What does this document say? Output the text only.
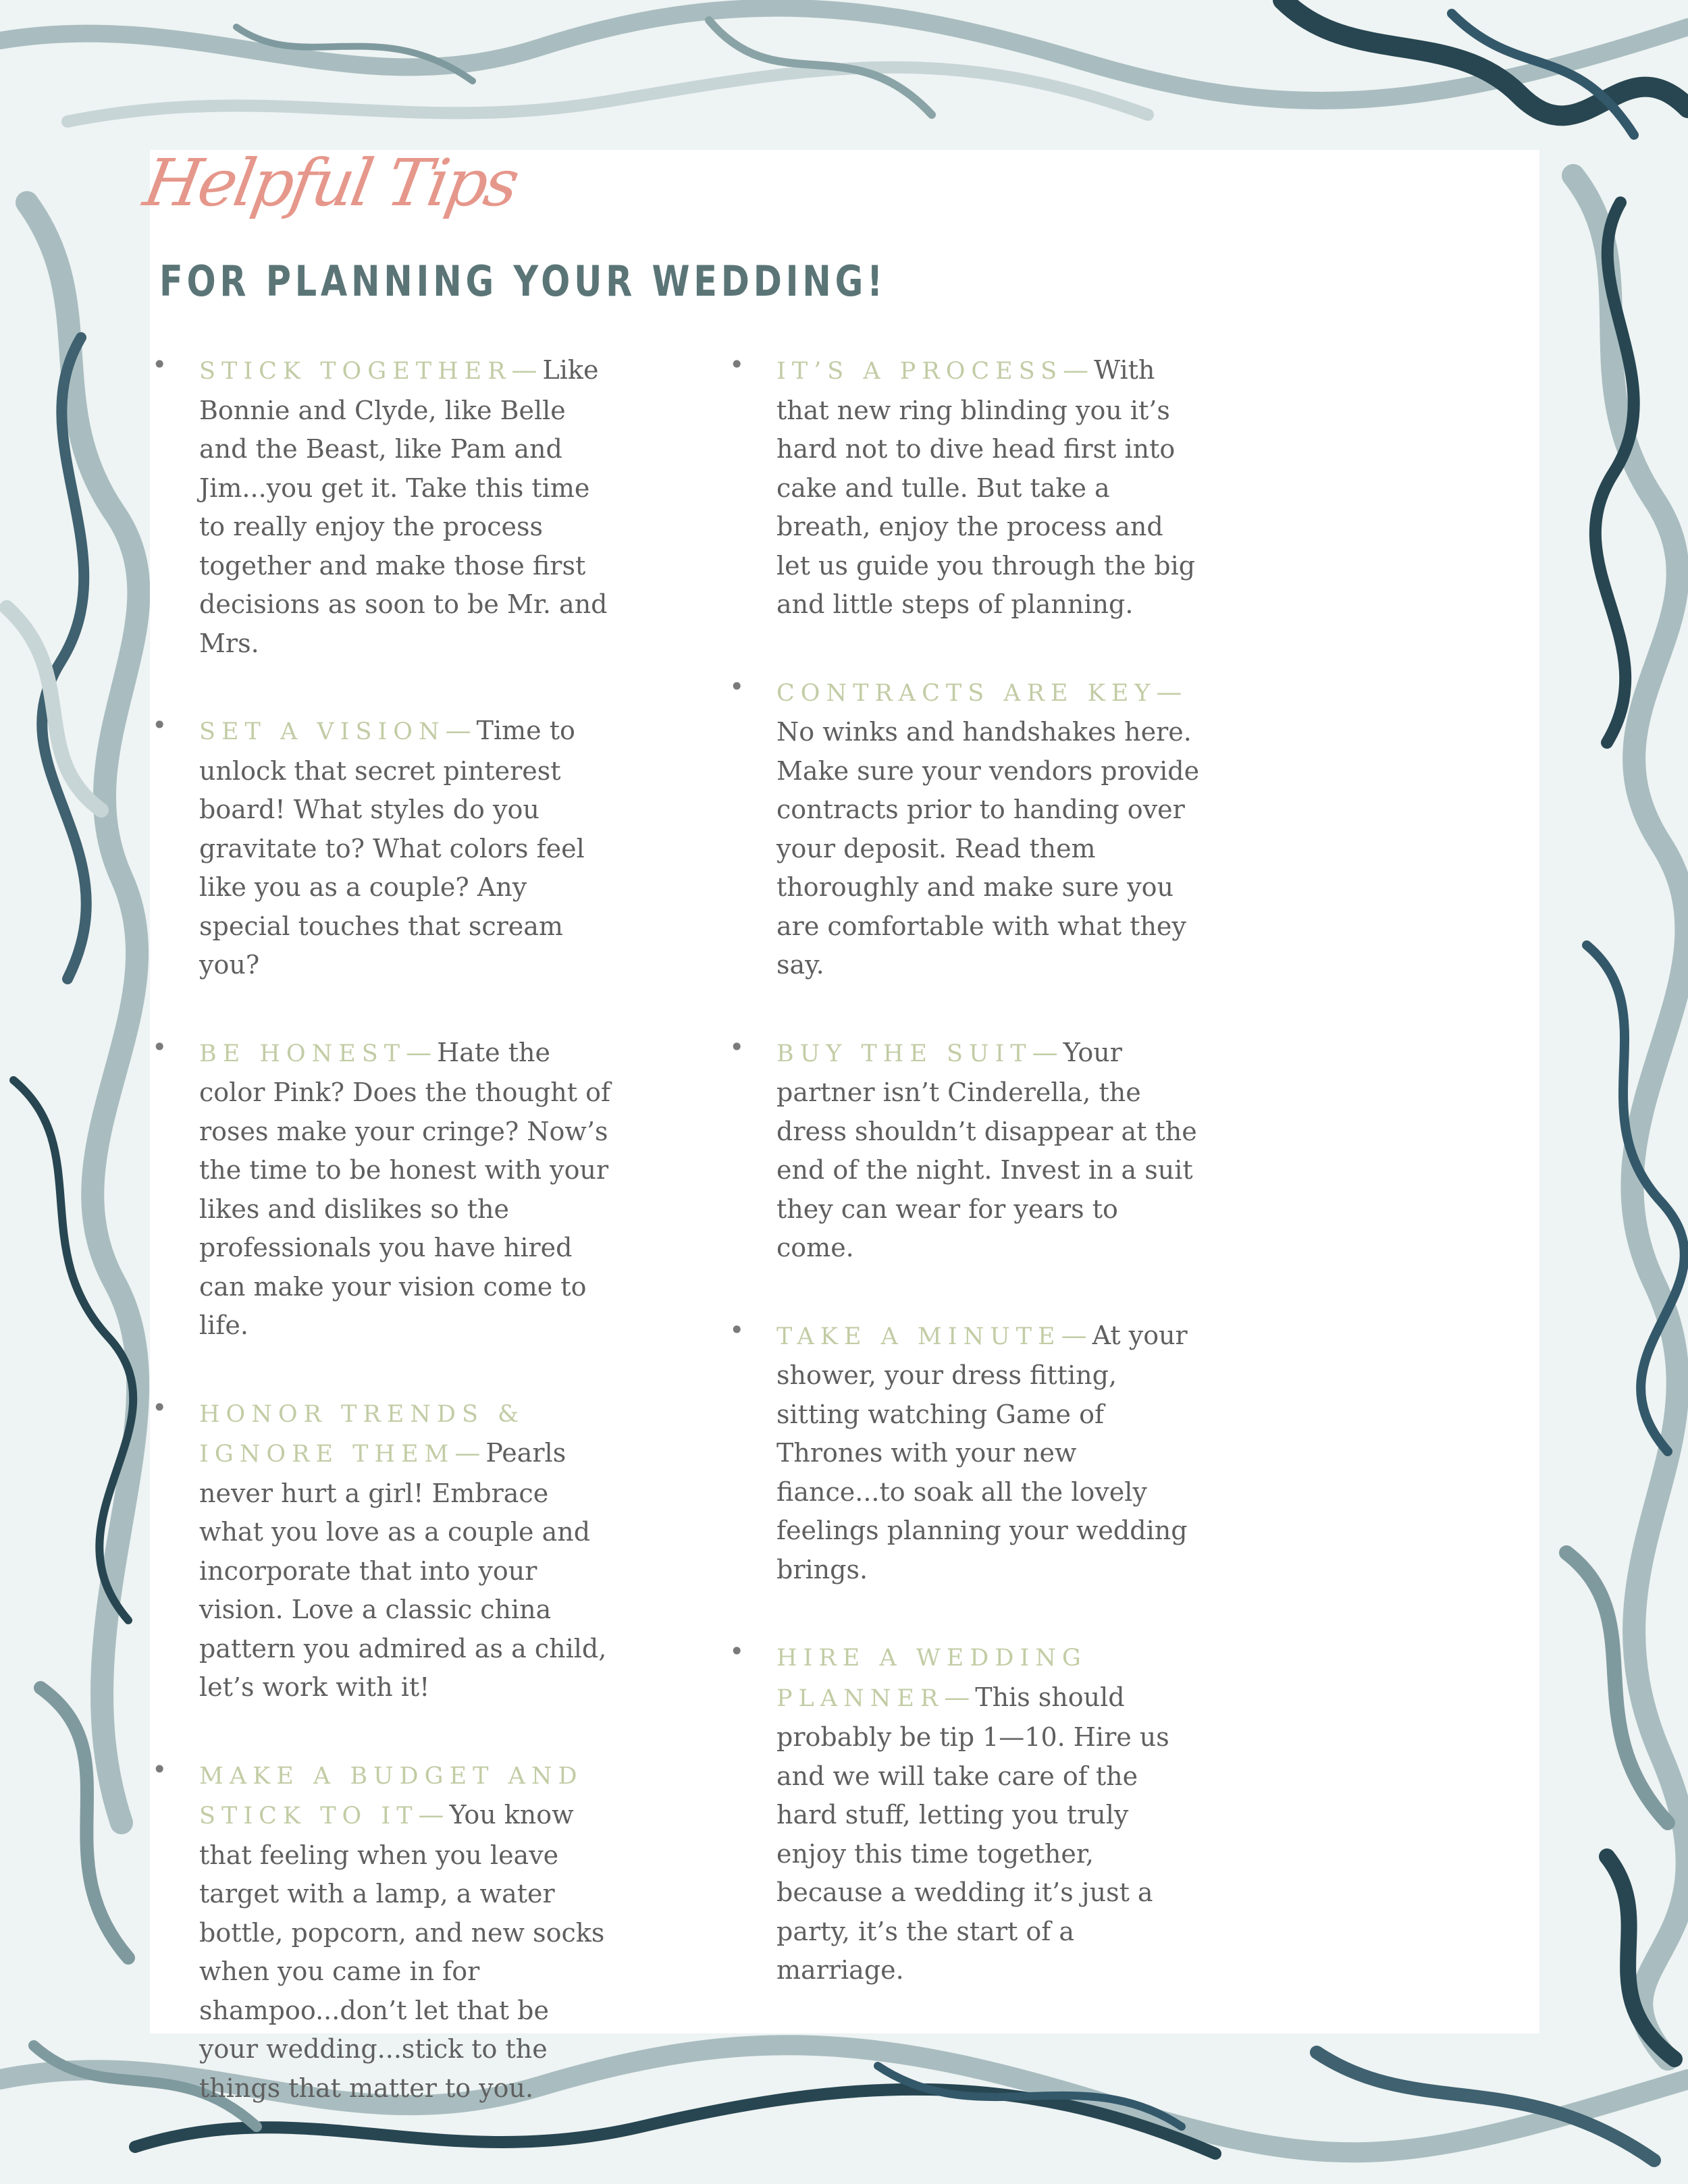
Helpful Tips
FOR PLANNING YOUR WEDDING!
• STICK TOGETHER— Like Bonnie and Clyde, like Belle and the Beast, like Pam and Jim...you get it. Take this time to really enjoy the process together and make those first decisions as soon to be Mr. and Mrs.

• SET A VISION— Time to unlock that secret pinterest board! What styles do you gravitate to? What colors feel like you as a couple? Any special touches that scream you?

• BE HONEST— Hate the color Pink? Does the thought of roses make your cringe? Now’s the time to be honest with your likes and dislikes so the professionals you have hired can make your vision come to life.

• HONOR TRENDS & IGNORE THEM— Pearls never hurt a girl! Embrace what you love as a couple and incorporate that into your vision. Love a classic china pattern you admired as a child, let’s work with it!

• MAKE A BUDGET AND STICK TO IT— You know that feeling when you leave target with a lamp, a water bottle, popcorn, and new socks when you came in for shampoo...don’t let that be your wedding...stick to the things that matter to you.

• IT’S A PROCESS— With that new ring blinding you it’s hard not to dive head first into cake and tulle. But take a breath, enjoy the process and let us guide you through the big and little steps of planning.

• CONTRACTS ARE KEY—No winks and handshakes here. Make sure your vendors provide contracts prior to handing over your deposit. Read them thoroughly and make sure you are comfortable with what they say.

• BUY THE SUIT— Your partner isn’t Cinderella, the dress shouldn’t disappear at the end of the night. Invest in a suit they can wear for years to come.

• TAKE A MINUTE— At your shower, your dress fitting, sitting watching Game of Thrones with your new fiance...to soak all the lovely feelings planning your wedding brings.

• HIRE A WEDDING PLANNER— This should probably be tip 1—10. Hire us and we will take care of the hard stuff, letting you truly enjoy this time together, because a wedding it’s just a party, it’s the start of a marriage.
